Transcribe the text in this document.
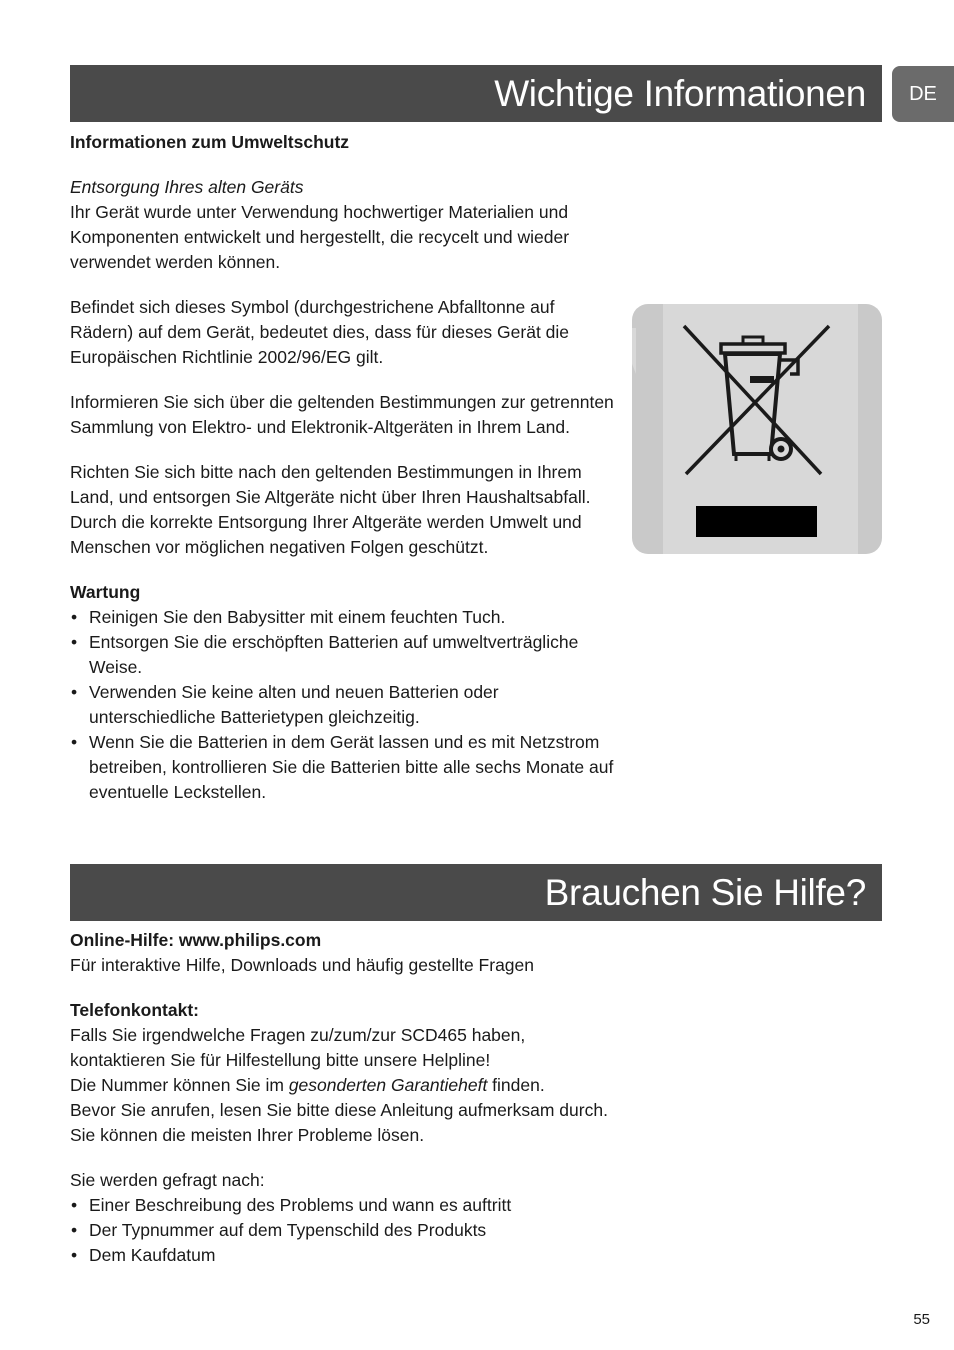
Wichtige Informationen DE

Informationen zum Umweltschutz

Entsorgung Ihres alten Geräts

Ihr Gerät wurde unter Verwendung hochwertiger Materialien und Komponenten entwickelt und hergestellt, die recycelt und wieder verwendet werden können.

Befindet sich dieses Symbol (durchgestrichene Abfalltonne auf Rädern) auf dem Gerät, bedeutet dies, dass für dieses Gerät die Europäischen Richtlinie 2002/96/EG gilt.

Informieren Sie sich über die geltenden Bestimmungen zur getrennten Sammlung von Elektro- und Elektronik-Altgeräten in Ihrem Land.

Richten Sie sich bitte nach den geltenden Bestimmungen in Ihrem Land, und entsorgen Sie Altgeräte nicht über Ihren Haushaltsabfall. Durch die korrekte Entsorgung Ihrer Altgeräte werden Umwelt und Menschen vor möglichen negativen Folgen geschützt.

Wartung

• Reinigen Sie den Babysitter mit einem feuchten Tuch.
• Entsorgen Sie die erschöpften Batterien auf umweltverträgliche Weise.
• Verwenden Sie keine alten und neuen Batterien oder unterschiedliche Batterietypen gleichzeitig.
• Wenn Sie die Batterien in dem Gerät lassen und es mit Netzstrom betreiben, kontrollieren Sie die Batterien bitte alle sechs Monate auf eventuelle Leckstellen.
Brauchen Sie Hilfe?

Online-Hilfe: www.philips.com

Für interaktive Hilfe, Downloads und häufig gestellte Fragen

Telefonkontakt:

Falls Sie irgendwelche Fragen zu/zum/zur SCD465 haben,

kontaktieren Sie für Hilfestellung bitte unsere Helpline!

Die Nummer können Sie im gesonderten Garantieheft finden.

Bevor Sie anrufen, lesen Sie bitte diese Anleitung aufmerksam durch.

Sie können die meisten Ihrer Probleme lösen.

Sie werden gefragt nach:

• Einer Beschreibung des Problems und wann es auftritt
• Der Typnummer auf dem Typenschild des Produkts
• Dem Kaufdatum
55
